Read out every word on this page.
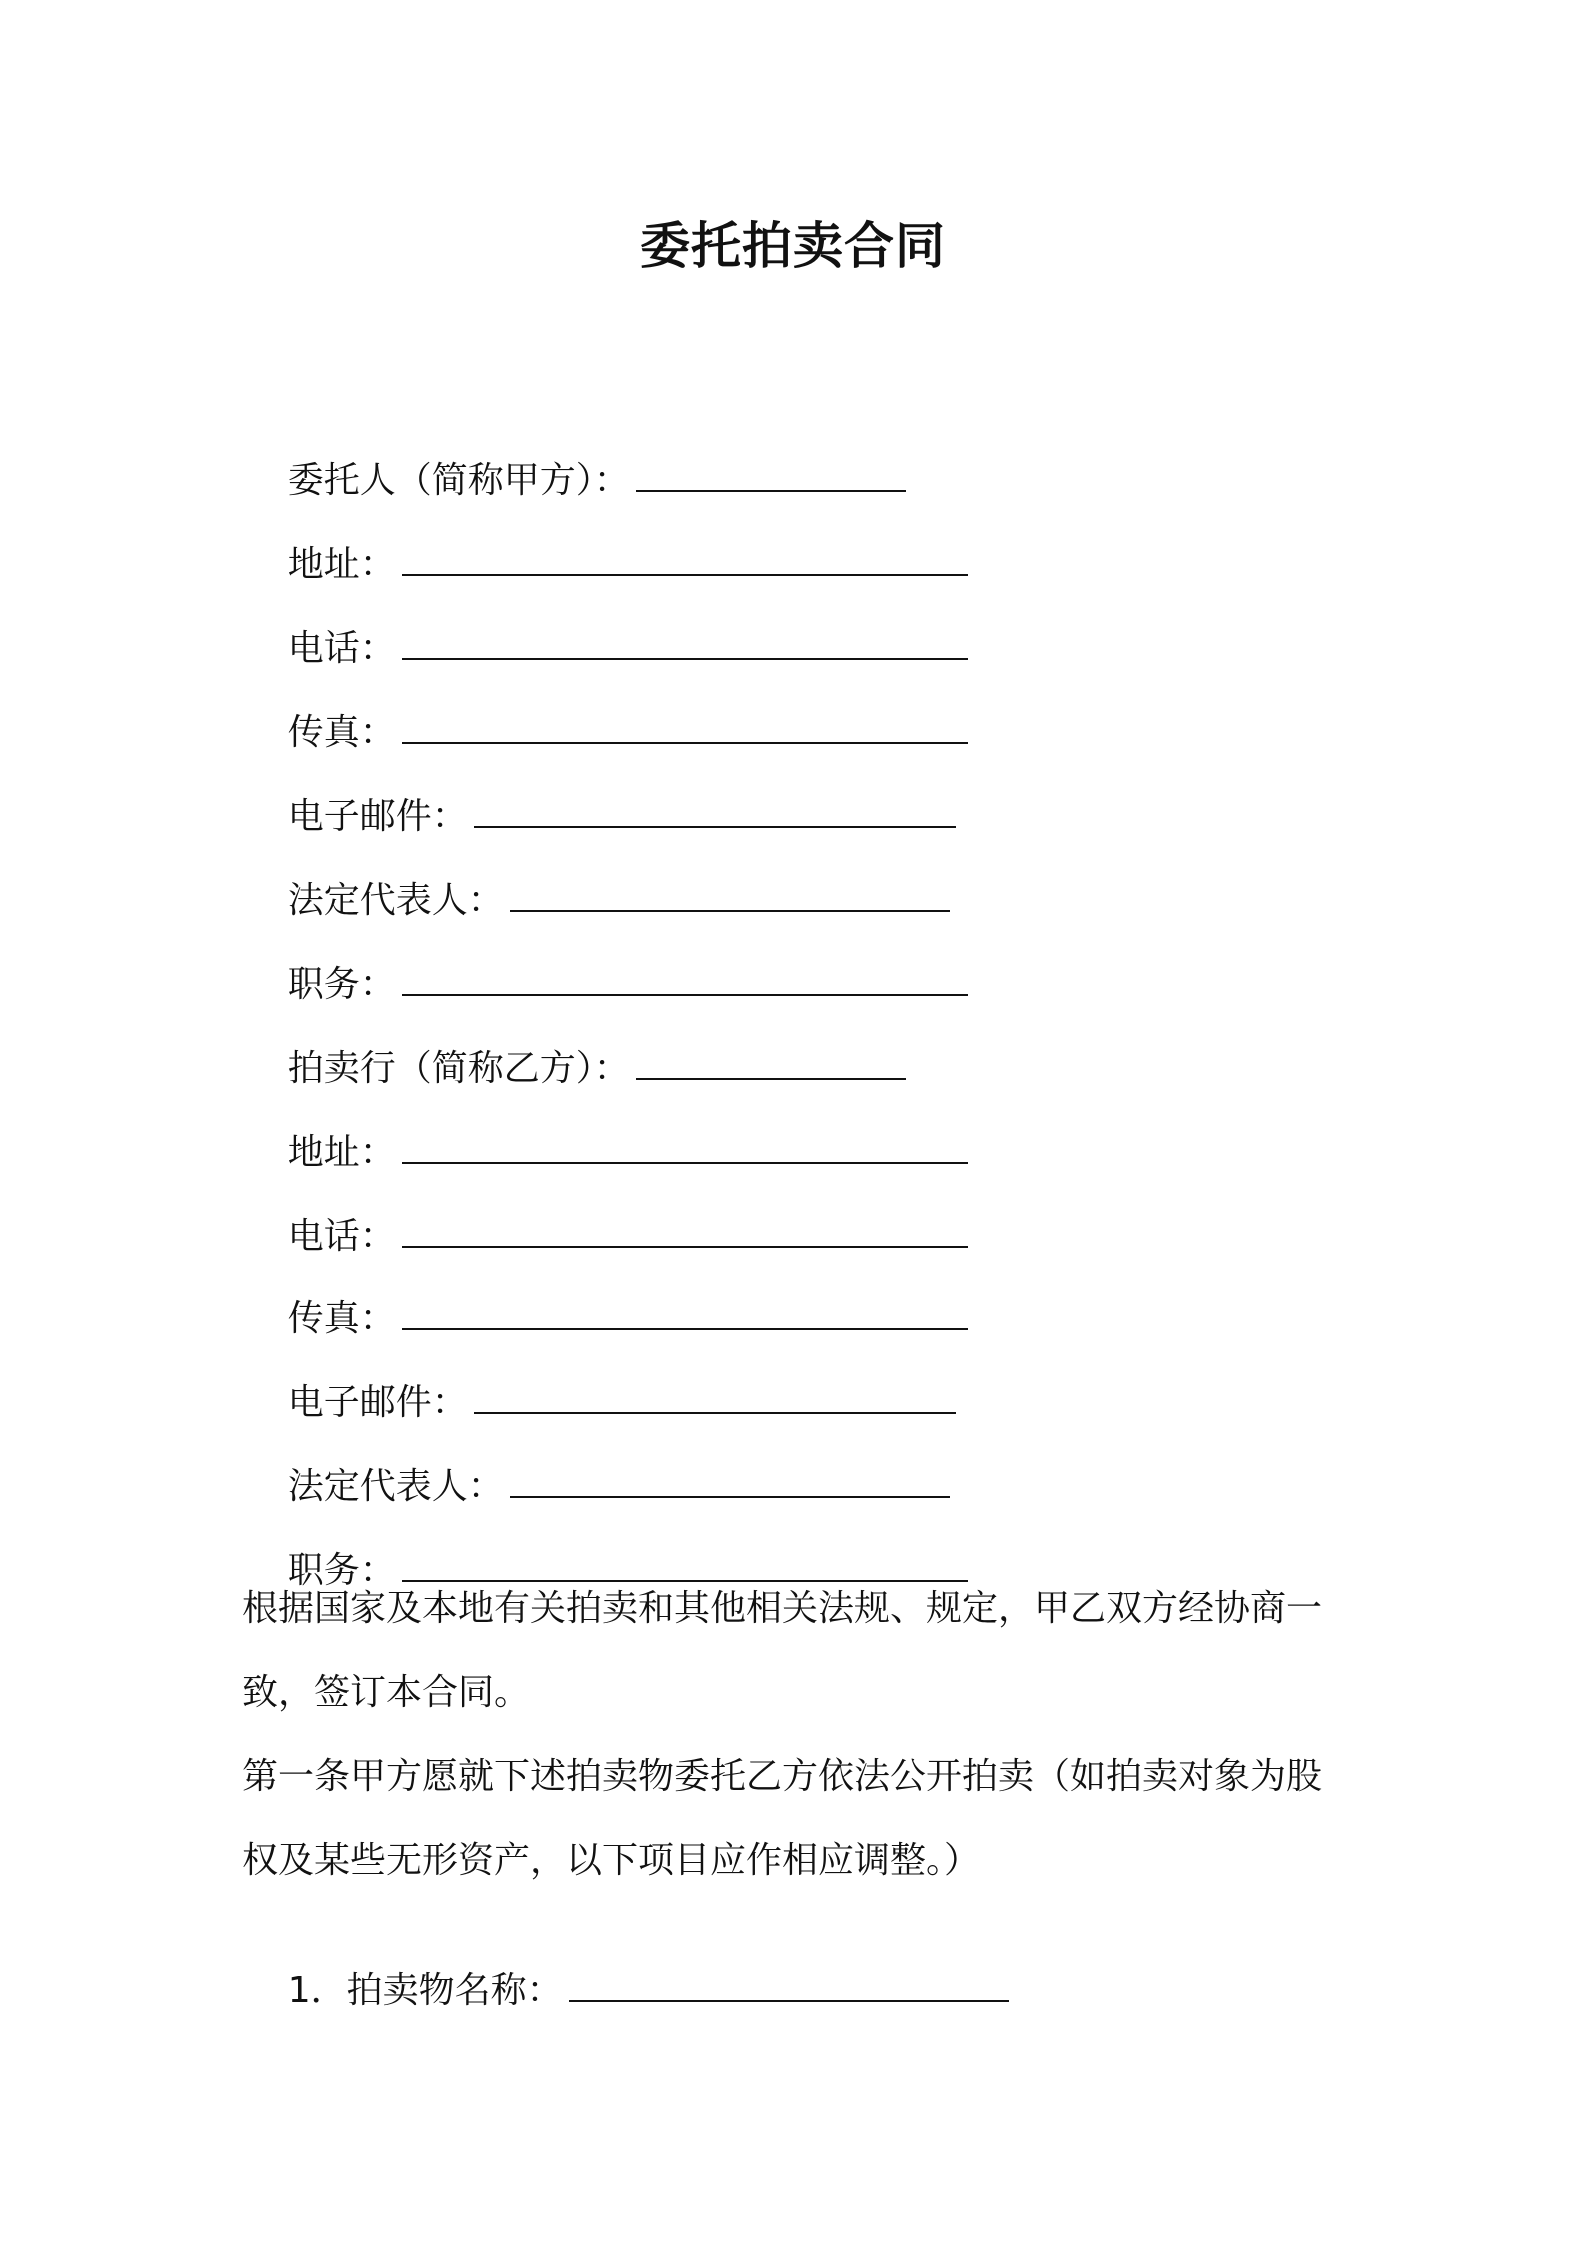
委托拍卖合同

委托人（简称甲方）：

地址：

电话：

传真：

电子邮件：

法定代表人：

职务：

拍卖行（简称乙方）：

地址：

电话：

传真：

电子邮件：

法定代表人：

职务：

根据国家及本地有关拍卖和其他相关法规、规定，甲乙双方经协商一
致，签订本合同。
第一条甲方愿就下述拍卖物委托乙方依法公开拍卖（如拍卖对象为股
权及某些无形资产，以下项目应作相应调整。）

1．拍卖物名称：
